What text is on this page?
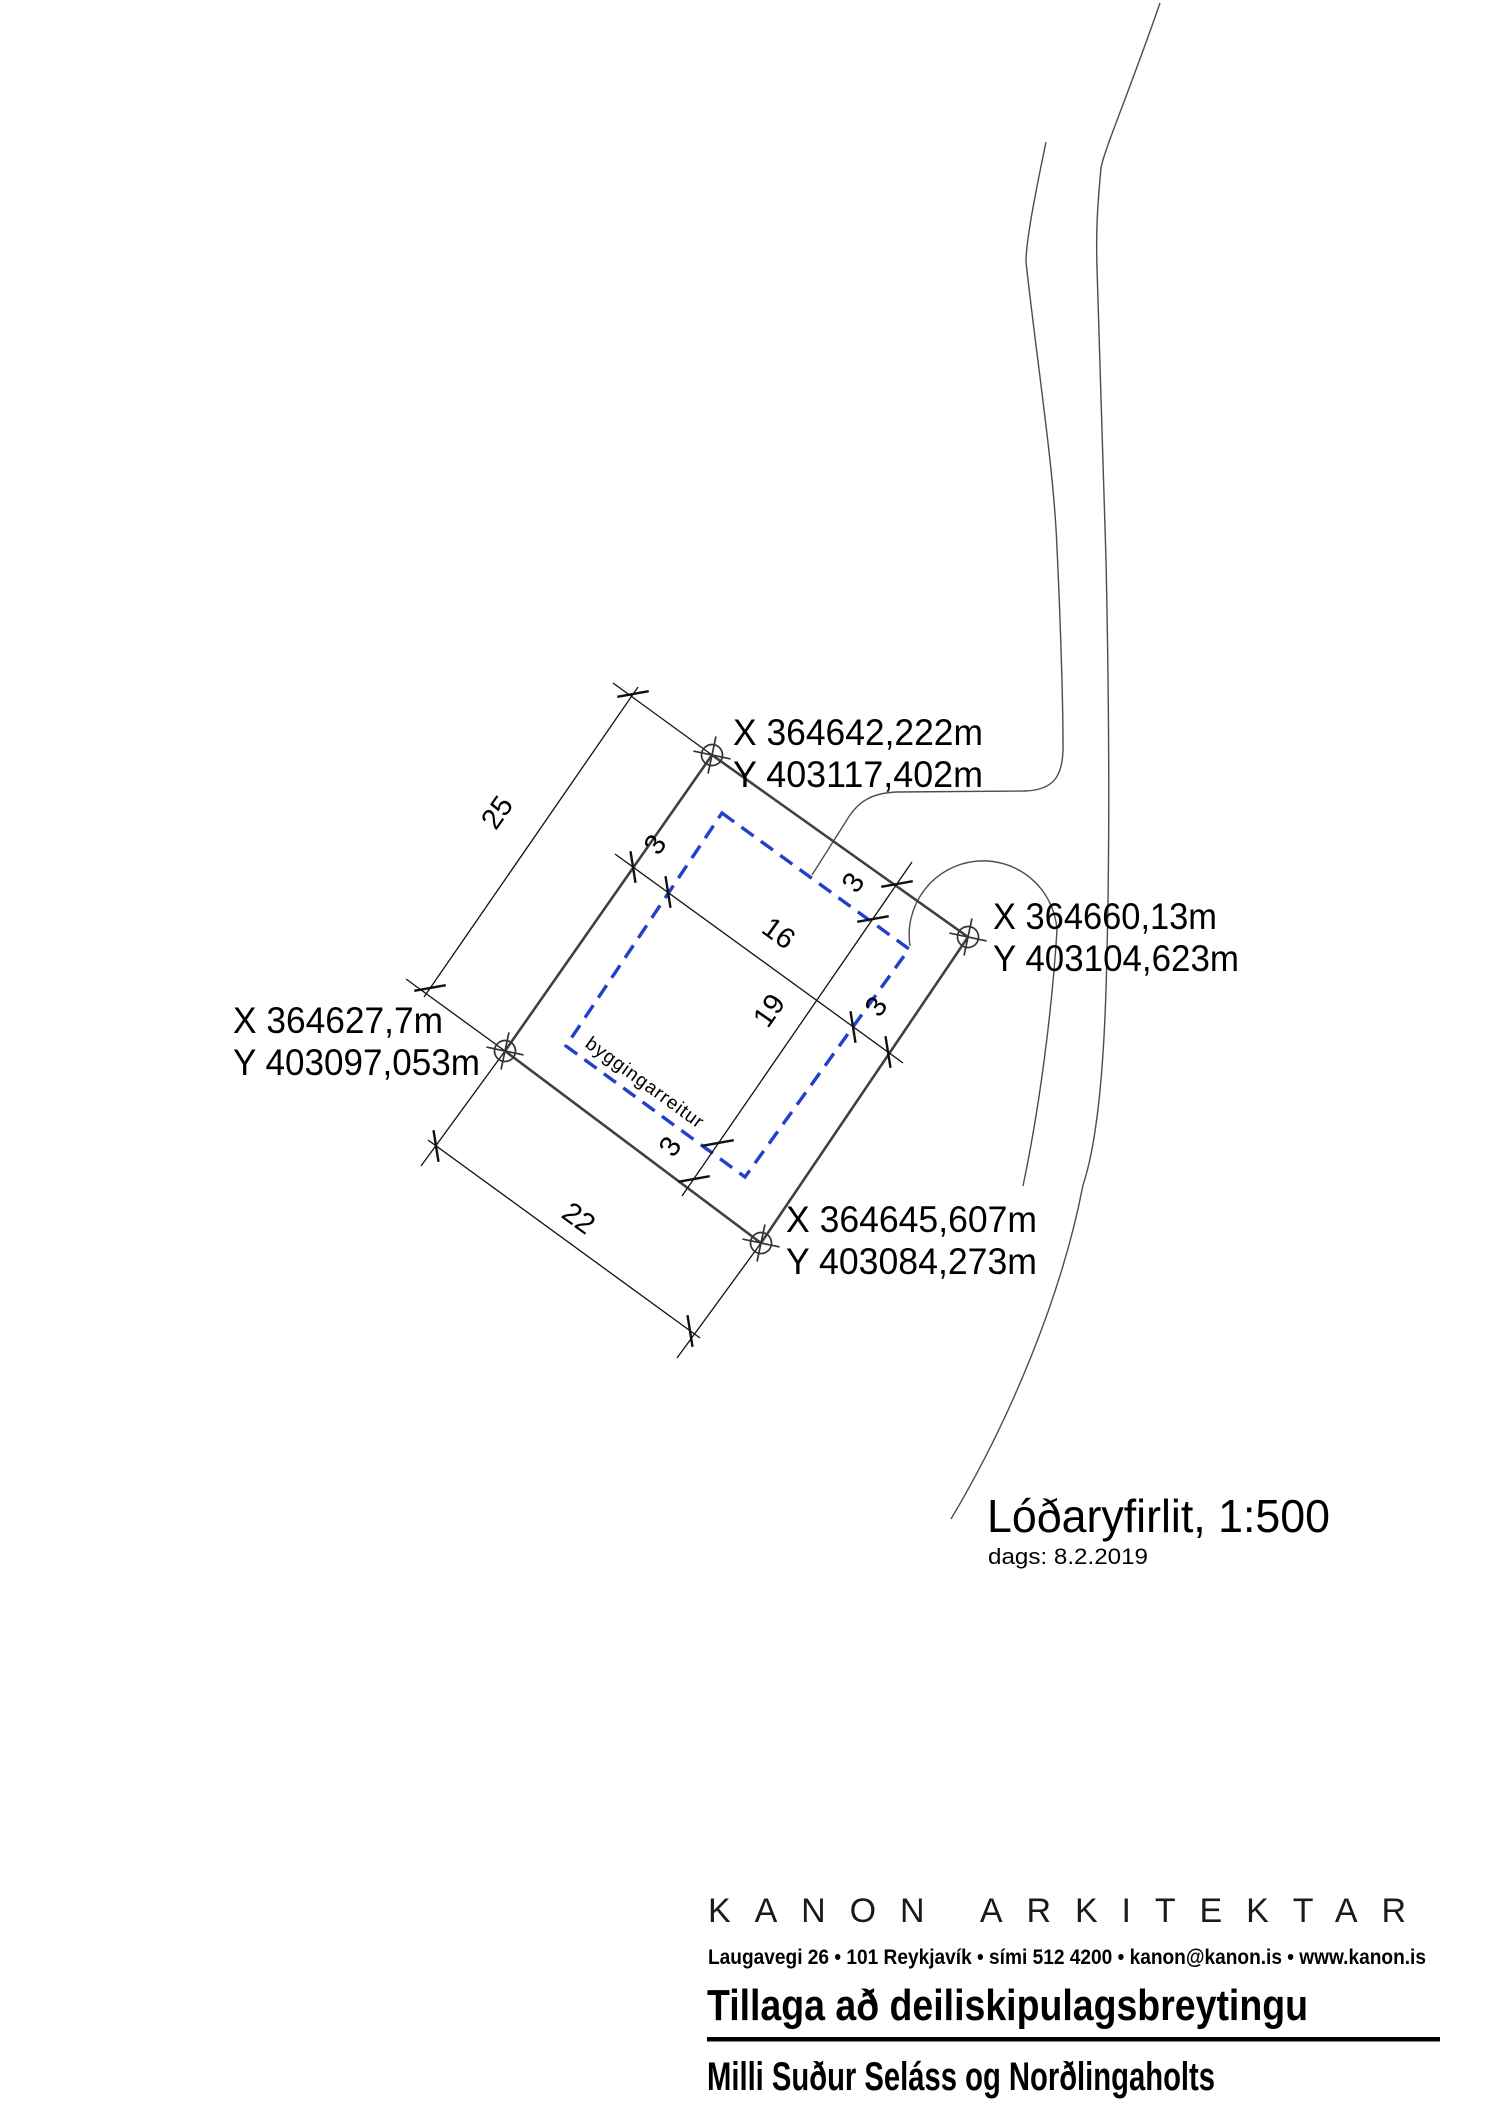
25
22
16
19
3
3
3
3
byggingarreitur
X 364642,222m
Y 403117,402m
X 364660,13m
Y 403104,623m
X 364627,7m
Y 403097,053m
X 364645,607m
Y 403084,273m
Lóðaryfirlit, 1:500
dags: 8.2.2019
KANON ARKITEKTAR
Laugavegi 26 • 101 Reykjavík • sími 512 4200 • kanon@kanon.is • www.kanon.is
Tillaga að deiliskipulagsbreytingu
Milli Suður Seláss og Norðlingaholts
